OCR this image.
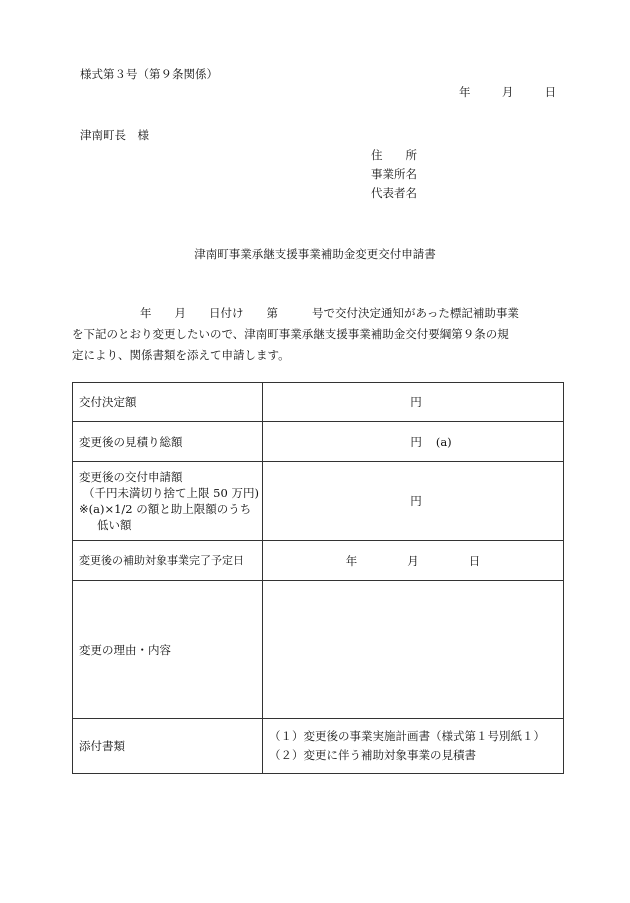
様式第３号（第９条関係）
年	月	日
津南町長　様
住　　所
事業所名
代表者名
津南町事業承継支援事業補助金変更交付申請書
年 月 日付け 第	号で交付決定通知があった標記補助事業
を下記のとおり変更したいので、津南町事業承継支援事業補助金交付要綱第９条の規
定により、関係書類を添えて申請します。
交付決定額	円
変更後の見積り総額	円 (a)

変更後の交付申請額
（千円未満切り捨て上限 50 万円)
※(a)×1/2 の額と助上限額のうち
低い額	円
変更後の補助対象事業完了予定日	年 月 日
変更の理由・内容	
添付書類	（１）変更後の事業実施計画書（様式第１号別紙１）
（２）変更に伴う補助対象事業の見積書
